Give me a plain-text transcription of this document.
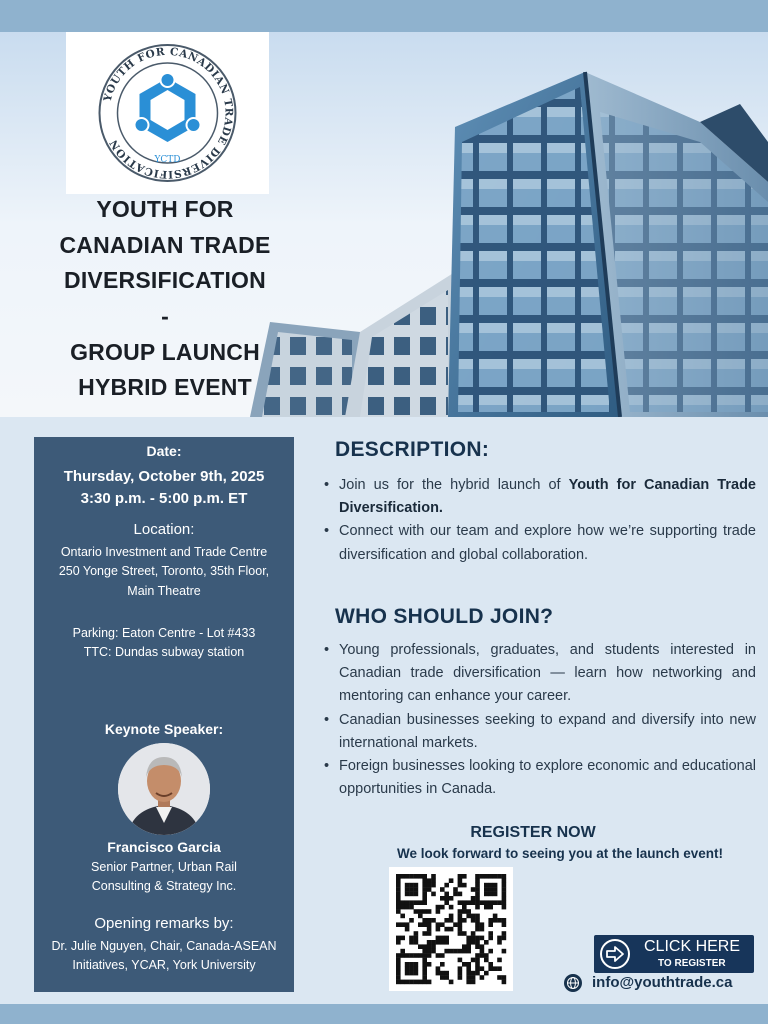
YOUTH FOR CANADIAN TRADE DIVERSIFICATION
YCTD
YOUTH FOR
CANADIAN TRADE
DIVERSIFICATION
-
GROUP LAUNCH
HYBRID EVENT
Date:
Thursday, October 9th, 2025
3:30 p.m. - 5:00 p.m. ET
Location:
Ontario Investment and Trade Centre
250 Yonge Street, Toronto, 35th Floor,
Main Theatre
Parking: Eaton Centre - Lot #433
TTC: Dundas subway station
Keynote Speaker:
Francisco Garcia
Senior Partner, Urban Rail
Consulting & Strategy Inc.
Opening remarks by:
Dr. Julie Nguyen, Chair, Canada-ASEAN
Initiatives, YCAR, York University
DESCRIPTION:
• Join us for the hybrid launch of Youth for Canadian Trade Diversification.
• Connect with our team and explore how we’re supporting trade diversification and global collaboration.
WHO SHOULD JOIN?
• Young professionals, graduates, and students interested in Canadian trade diversification — learn how networking and mentoring can enhance your career.
• Canadian businesses seeking to expand and diversify into new international markets.
• Foreign businesses looking to explore economic and educational opportunities in Canada.
REGISTER NOW
We look forward to seeing you at the launch event!
CLICK HERE
TO REGISTER
info@youthtrade.ca
